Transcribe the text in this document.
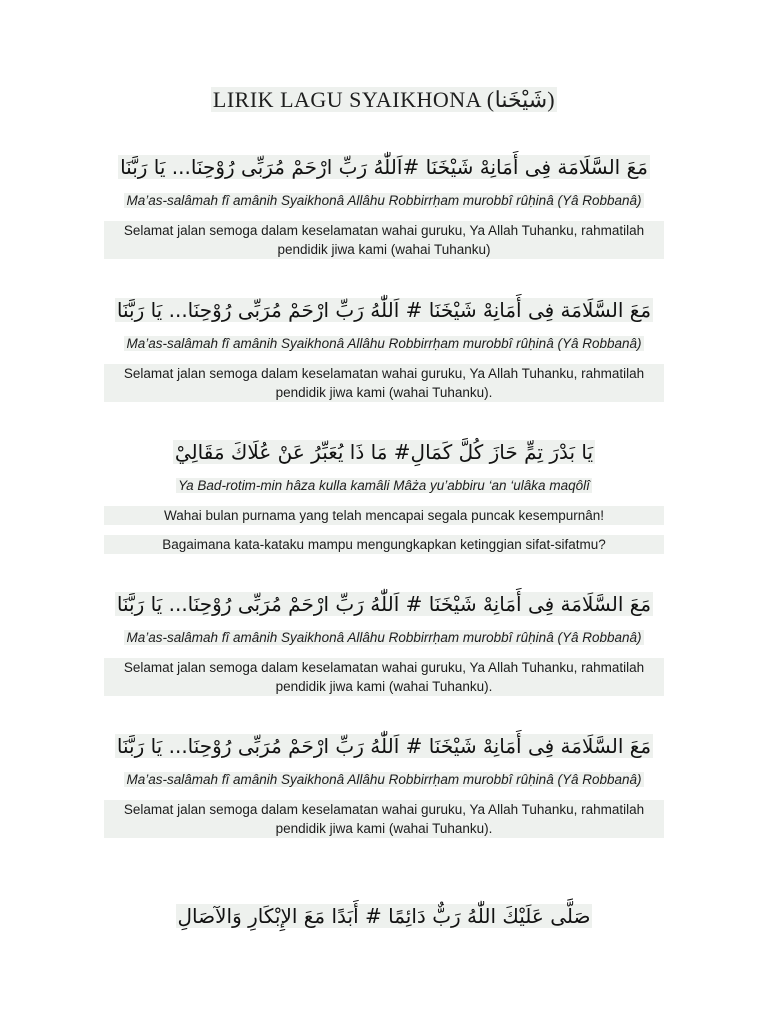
LIRIK LAGU SYAIKHONA (شَيْخَنا)
مَعَ السَّلَامَة فِى أَمَانِهْ شَيْخَنَا #اَللّٰهُ رَبِّ ارْحَمْ مُرَبِّى رُوْحِنَا... يَا رَبَّنَا
Ma’as-salâmah fî amânih Syaikhonâ Allâhu Robbirrḥam murobbî rûḥinâ (Yâ Robbanâ)
Selamat jalan semoga dalam keselamatan wahai guruku, Ya Allah Tuhanku, rahmatilah
pendidik jiwa kami (wahai Tuhanku)
مَعَ السَّلَامَة فِى أَمَانِهْ شَيْخَنَا # اَللّٰهُ رَبِّ ارْحَمْ مُرَبِّى رُوْحِنَا... يَا رَبَّنَا
Ma’as-salâmah fî amânih Syaikhonâ Allâhu Robbirrḥam murobbî rûḥinâ (Yâ Robbanâ)
Selamat jalan semoga dalam keselamatan wahai guruku, Ya Allah Tuhanku, rahmatilah
pendidik jiwa kami (wahai Tuhanku).
يَا بَدْرَ تِمٍّ حَازَ كُلَّ كَمَالِ# مَا ذَا يُعَبِّرُ عَنْ عُلَاكَ مَقَالِيْ
Ya Bad-rotim-min hâza kulla kamâli Mâża yu’abbiru ‘an ‘ulâka maqôlî
Wahai bulan purnama yang telah mencapai segala puncak kesempurnân!
Bagaimana kata-kataku mampu mengungkapkan ketinggian sifat-sifatmu?
مَعَ السَّلَامَة فِى أَمَانِهْ شَيْخَنَا # اَللّٰهُ رَبِّ ارْحَمْ مُرَبِّى رُوْحِنَا... يَا رَبَّنَا
Ma’as-salâmah fî amânih Syaikhonâ Allâhu Robbirrḥam murobbî rûḥinâ (Yâ Robbanâ)
Selamat jalan semoga dalam keselamatan wahai guruku, Ya Allah Tuhanku, rahmatilah
pendidik jiwa kami (wahai Tuhanku).
مَعَ السَّلَامَة فِى أَمَانِهْ شَيْخَنَا # اَللّٰهُ رَبِّ ارْحَمْ مُرَبِّى رُوْحِنَا... يَا رَبَّنَا
Ma’as-salâmah fî amânih Syaikhonâ Allâhu Robbirrḥam murobbî rûḥinâ (Yâ Robbanâ)
Selamat jalan semoga dalam keselamatan wahai guruku, Ya Allah Tuhanku, rahmatilah
pendidik jiwa kami (wahai Tuhanku).
صَلَّى عَلَيْكَ اللّٰهُ رَبٌّ دَائِمًا # أَبَدًا مَعَ الإِبْكَارِ وَالآصَالِ
